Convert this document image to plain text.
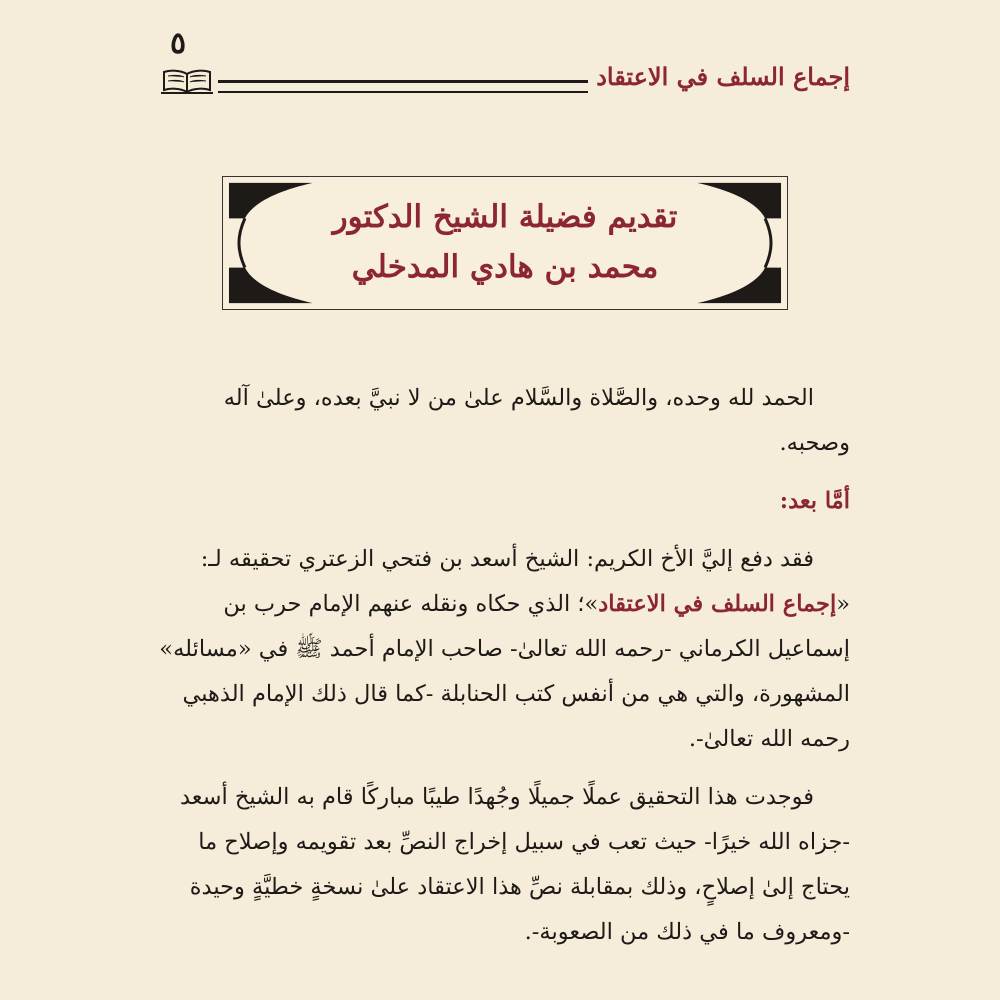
٥
إجماع السلف في الاعتقاد
تقديم فضيلة الشيخ الدكتور
محمد بن هادي المدخلي

الحمد لله وحده، والصَّلاة والسَّلام علىٰ من لا نبيَّ بعده، وعلىٰ آله وصحبه.

أمَّا بعد:

فقد دفع إليَّ الأخ الكريم: الشيخ أسعد بن فتحي الزعتري تحقيقه لـ: «إجماع السلف في الاعتقاد»؛ الذي حكاه ونقله عنهم الإمام حرب بن إسماعيل الكرماني -رحمه الله تعالىٰ- صاحب الإمام أحمد ﷺ في «مسائله» المشهورة، والتي هي من أنفس كتب الحنابلة -كما قال ذلك الإمام الذهبي رحمه الله تعالىٰ-.

فوجدت هذا التحقيق عملًا جميلًا وجُهدًا طيبًا مباركًا قام به الشيخ أسعد -جزاه الله خيرًا- حيث تعب في سبيل إخراج النصِّ بعد تقويمه وإصلاح ما يحتاج إلىٰ إصلاحٍ، وذلك بمقابلة نصِّ هذا الاعتقاد علىٰ نسخةٍ خطيَّةٍ وحيدة -ومعروف ما في ذلك من الصعوبة-.
